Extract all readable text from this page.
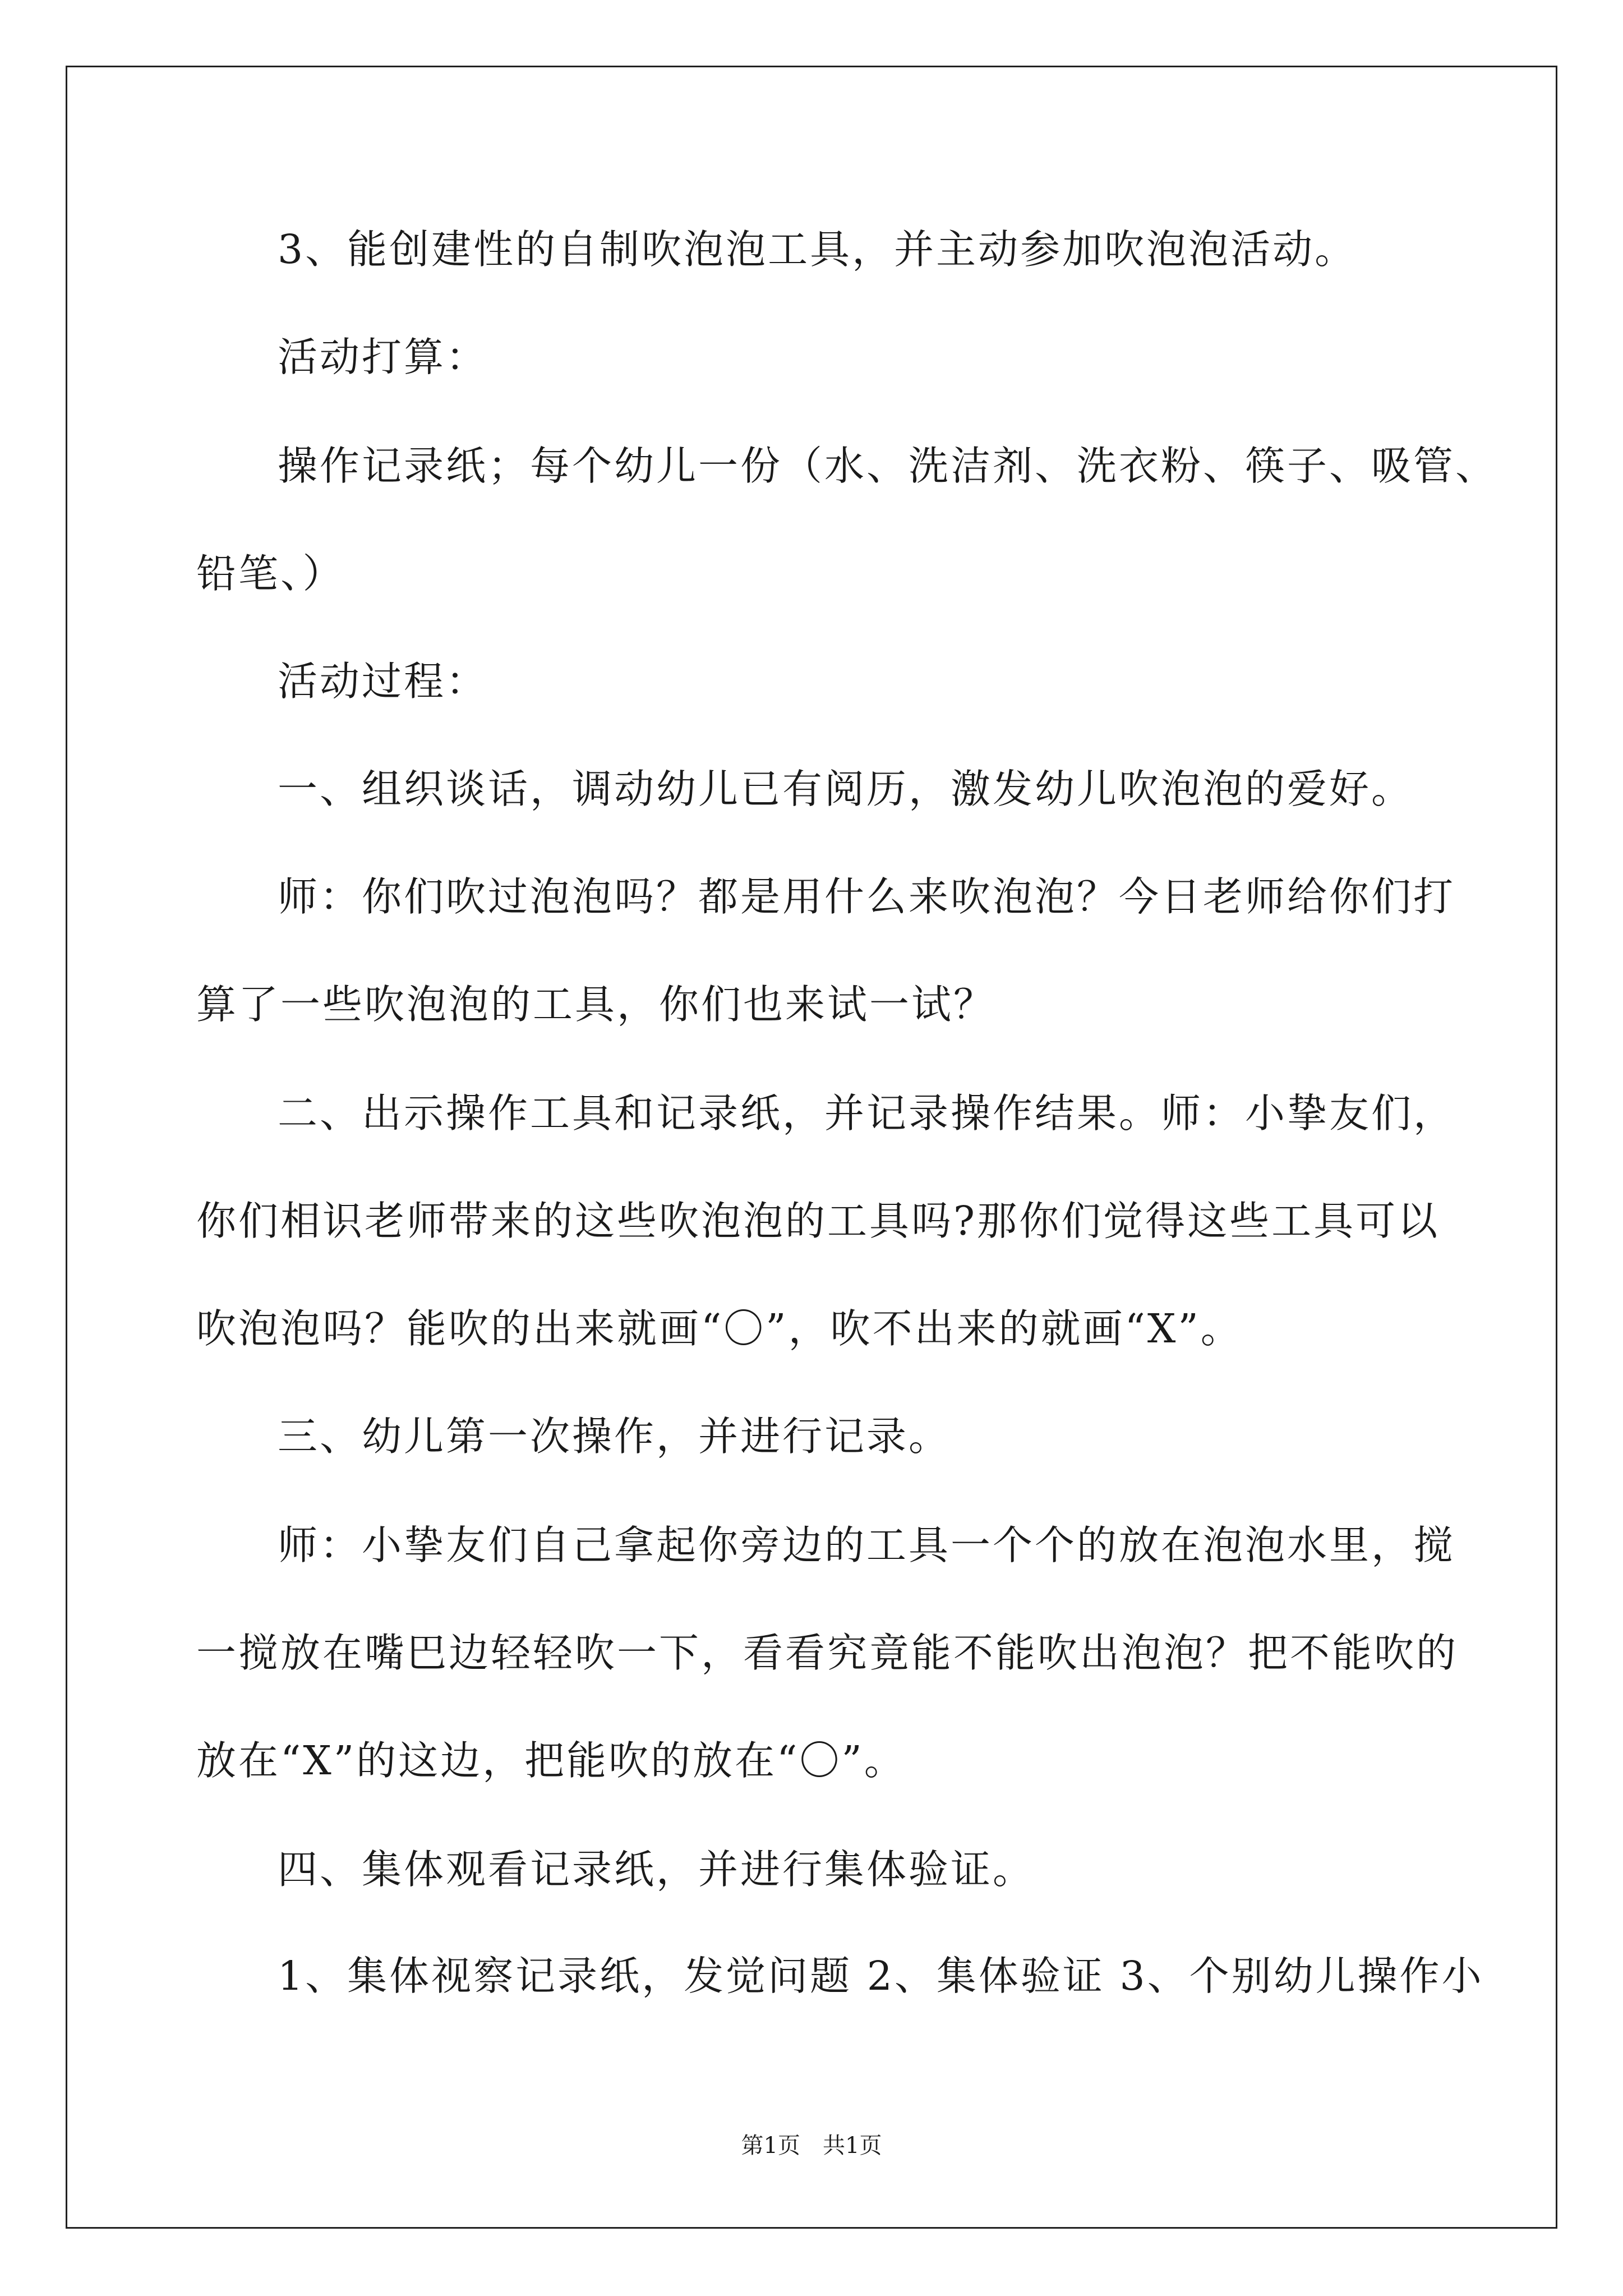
3、能创建性的自制吹泡泡工具，并主动参加吹泡泡活动。
活动打算：
操作记录纸；每个幼儿一份（水、洗洁剂、洗衣粉、筷子、吸管、
铅笔、）
活动过程：
一、组织谈话，调动幼儿已有阅历，激发幼儿吹泡泡的爱好。
师：你们吹过泡泡吗？都是用什么来吹泡泡？今日老师给你们打
算了一些吹泡泡的工具，你们也来试一试？
二、出示操作工具和记录纸，并记录操作结果。师：小挚友们，
你们相识老师带来的这些吹泡泡的工具吗?那你们觉得这些工具可以
吹泡泡吗？能吹的出来就画“〇”，吹不出来的就画“X”。
三、幼儿第一次操作，并进行记录。
师：小挚友们自己拿起你旁边的工具一个个的放在泡泡水里，搅
一搅放在嘴巴边轻轻吹一下，看看究竟能不能吹出泡泡？把不能吹的
放在“X”的这边，把能吹的放在“〇”。
四、集体观看记录纸，并进行集体验证。
1、集体视察记录纸，发觉问题 2、集体验证 3、个别幼儿操作小
第1页　共1页
